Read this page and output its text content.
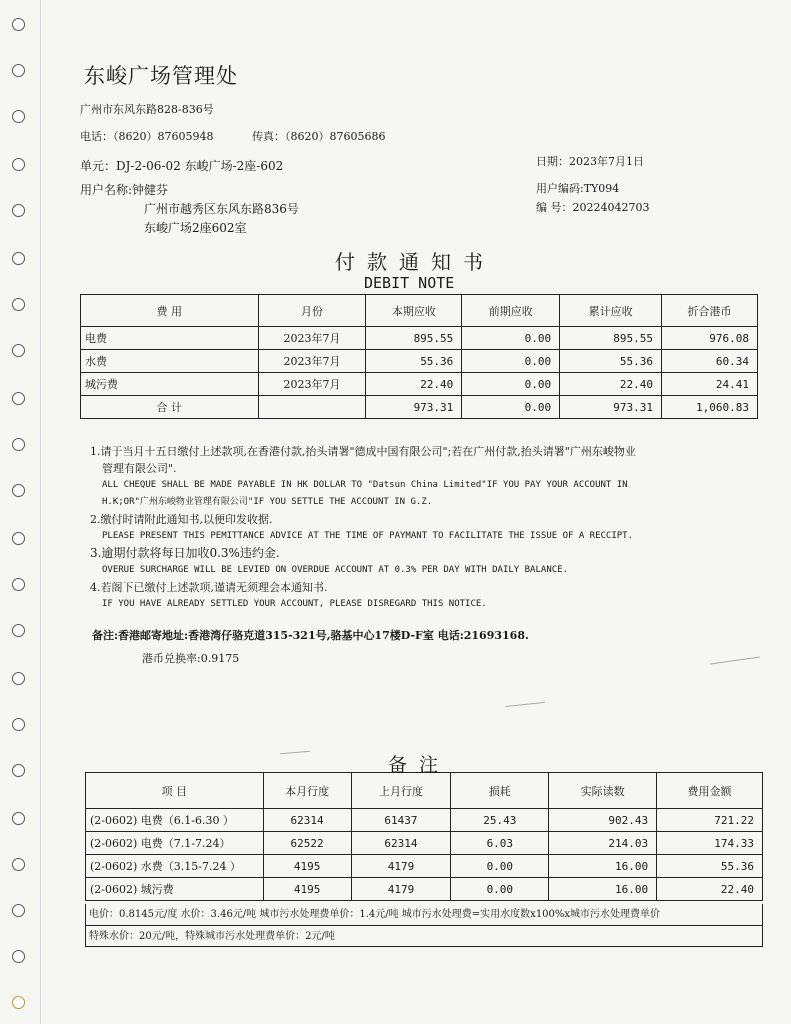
东峻广场管理处
广州市东风东路828-836号
电话：（8620）87605948	传真：（8620）87605686
单元：DJ-2-06-02 东峻广场-2座-602
用户名称:钟健芬
广州市越秀区东风东路836号
东峻广场2座602室
日期：2023年7月1日
用户编码:TY094
编 号：20224042703
付款通知书
DEBIT NOTE
费 用	月份	本期应收	前期应收	累计应收	折合港币
电费	2023年7月	895.55	0.00	895.55	976.08
水费	2023年7月	55.36	0.00	55.36	60.34
城污费	2023年7月	22.40	0.00	22.40	24.41
合 计		973.31	0.00	973.31	1,060.83
1.请于当月十五日缴付上述款项,在香港付款,抬头请署"德成中国有限公司";若在广州付款,抬头请署"广州东峻物业
管理有限公司".
ALL CHEQUE SHALL BE MADE PAYABLE IN HK DOLLAR TO "Datsun China Limited"IF YOU PAY YOUR ACCOUNT IN
H.K;OR"广州东峻物业管理有限公司"IF YOU SETTLE THE ACCOUNT IN G.Z.
2.缴付时请附此通知书,以便印发收据.
PLEASE PRESENT THIS PEMITTANCE ADVICE AT THE TIME OF PAYMANT TO FACILITATE THE ISSUE OF A RECCIPT.
3.逾期付款将每日加收0.3%违约金.
OVERUE SURCHARGE WILL BE LEVIED ON OVERDUE ACCOUNT AT 0.3% PER DAY WITH DAILY BALANCE.
4.若阁下已缴付上述款项,谨请无须理会本通知书.
IF YOU HAVE ALREADY SETTLED YOUR ACCOUNT, PLEASE DISREGARD THIS NOTICE.
备注:香港邮寄地址:香港湾仔骆克道315-321号,骆基中心17楼D-F室 电话:21693168.
港币兑换率:0.9175
备注
项 目	本月行度	上月行度	损耗	实际读数	费用金额
(2-0602) 电费（6.1-6.30 ）	62314	61437	25.43	902.43	721.22
(2-0602) 电费（7.1-7.24）	62522	62314	6.03	214.03	174.33
(2-0602) 水费（3.15-7.24 ）	4195	4179	0.00	16.00	55.36
(2-0602) 城污费	4195	4179	0.00	16.00	22.40
电价：0.8145元/度 水价：3.46元/吨 城市污水处理费单价：1.4元/吨 城市污水处理费=实用水度数x100%x城市污水处理费单价
特殊水价：20元/吨，特殊城市污水处理费单价：2元/吨
